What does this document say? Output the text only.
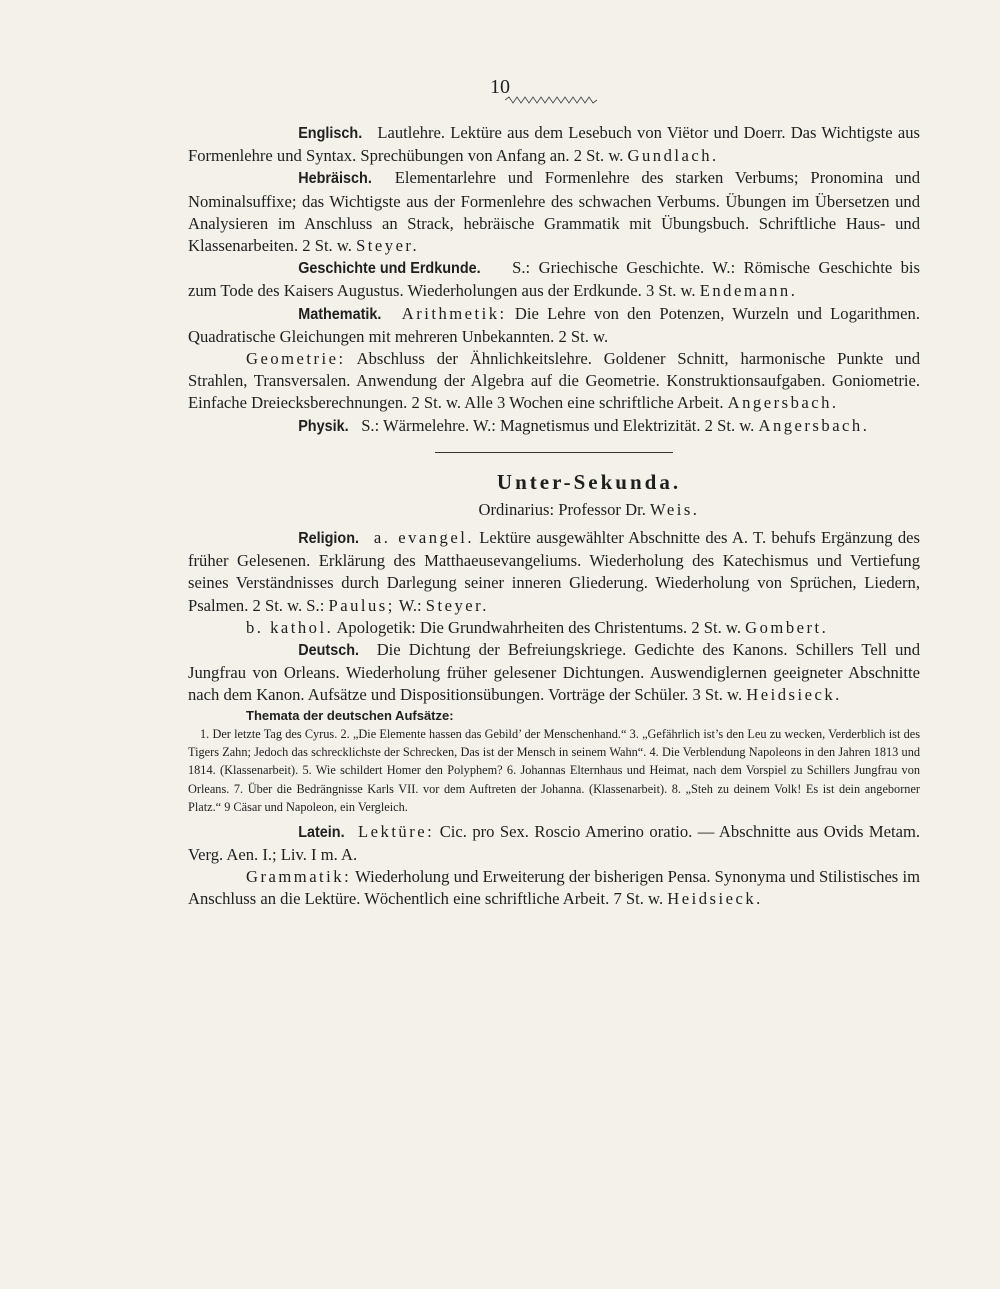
10

Englisch. Lautlehre. Lektüre aus dem Lesebuch von Viëtor und Doerr. Das Wichtigste aus Formenlehre und Syntax. Sprechübungen von Anfang an. 2 St. w. Gundlach.

Hebräisch. Elementarlehre und Formenlehre des starken Verbums; Pronomina und Nominalsuffixe; das Wichtigste aus der Formenlehre des schwachen Verbums. Übungen im Übersetzen und Analysieren im Anschluss an Strack, hebräische Grammatik mit Übungsbuch. Schriftliche Haus- und Klassenarbeiten. 2 St. w. Steyer.

Geschichte und Erdkunde. S.: Griechische Geschichte. W.: Römische Geschichte bis zum Tode des Kaisers Augustus. Wiederholungen aus der Erdkunde. 3 St. w. Endemann.

Mathematik. Arithmetik: Die Lehre von den Potenzen, Wurzeln und Logarithmen. Quadratische Gleichungen mit mehreren Unbekannten. 2 St. w.

Geometrie: Abschluss der Ähnlichkeitslehre. Goldener Schnitt, harmonische Punkte und Strahlen, Transversalen. Anwendung der Algebra auf die Geometrie. Konstruktionsaufgaben. Goniometrie. Einfache Dreiecksberechnungen. 2 St. w. Alle 3 Wochen eine schriftliche Arbeit. Angersbach.

Physik. S.: Wärmelehre. W.: Magnetismus und Elektrizität. 2 St. w. Angersbach.

Unter-Sekunda.

Ordinarius: Professor Dr. Weis.

Religion. a. evangel. Lektüre ausgewählter Abschnitte des A. T. behufs Ergänzung des früher Gelesenen. Erklärung des Matthaeusevangeliums. Wiederholung des Katechismus und Vertiefung seines Verständnisses durch Darlegung seiner inneren Gliederung. Wiederholung von Sprüchen, Liedern, Psalmen. 2 St. w. S.: Paulus; W.: Steyer.

b. kathol. Apologetik: Die Grundwahrheiten des Christentums. 2 St. w. Gombert.

Deutsch. Die Dichtung der Befreiungskriege. Gedichte des Kanons. Schillers Tell und Jungfrau von Orleans. Wiederholung früher gelesener Dichtungen. Auswendiglernen geeigneter Abschnitte nach dem Kanon. Aufsätze und Dispositionsübungen. Vorträge der Schüler. 3 St. w. Heidsieck.

Themata der deutschen Aufsätze:

1. Der letzte Tag des Cyrus. 2. „Die Elemente hassen das Gebild’ der Menschenhand.“ 3. „Gefährlich ist’s den Leu zu wecken, Verderblich ist des Tigers Zahn; Jedoch das schrecklichste der Schrecken, Das ist der Mensch in seinem Wahn“. 4. Die Verblendung Napoleons in den Jahren 1813 und 1814. (Klassenarbeit). 5. Wie schildert Homer den Polyphem? 6. Johannas Elternhaus und Heimat, nach dem Vorspiel zu Schillers Jungfrau von Orleans. 7. Über die Bedrängnisse Karls VII. vor dem Auftreten der Johanna. (Klassenarbeit). 8. „Steh zu deinem Volk! Es ist dein angeborner Platz.“ 9 Cäsar und Napoleon, ein Vergleich.

Latein. Lektüre: Cic. pro Sex. Roscio Amerino oratio. — Abschnitte aus Ovids Metam. Verg. Aen. I.; Liv. I m. A.

Grammatik: Wiederholung und Erweiterung der bisherigen Pensa. Synonyma und Stilistisches im Anschluss an die Lektüre. Wöchentlich eine schriftliche Arbeit. 7 St. w. Heidsieck.
